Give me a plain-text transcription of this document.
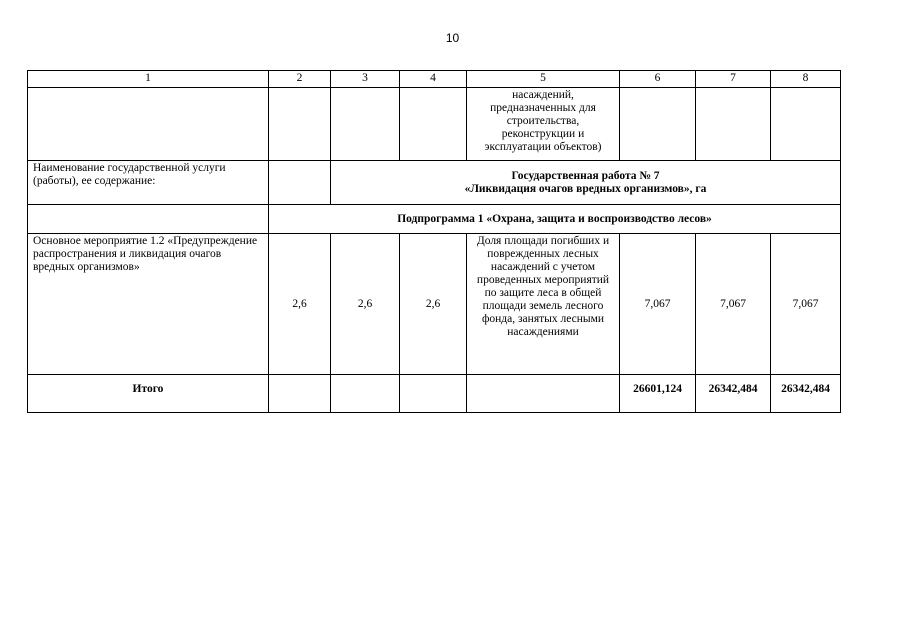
10
1	2	3	4	5	6	7	8
				насаждений, предназначенных для строительства, реконструкции и эксплуатации объектов)			
Наименование государственной услуги (работы), ее содержание:		Государственная работа № 7
«Ликвидация очагов вредных организмов», га					

	Подпрограмма 1 «Охрана, защита и воспроизводство лесов»						
Основное мероприятие 1.2 «Предупреждение распространения и ликвидация очагов вредных организмов»	2,6	2,6	2,6	Доля площади погибших и поврежденных лесных насаждений с учетом проведенных мероприятий по защите леса в общей площади земель лесного фонда, занятых лесными насаждениями	7,067	7,067	7,067
Итого					26601,124	26342,484	26342,484
